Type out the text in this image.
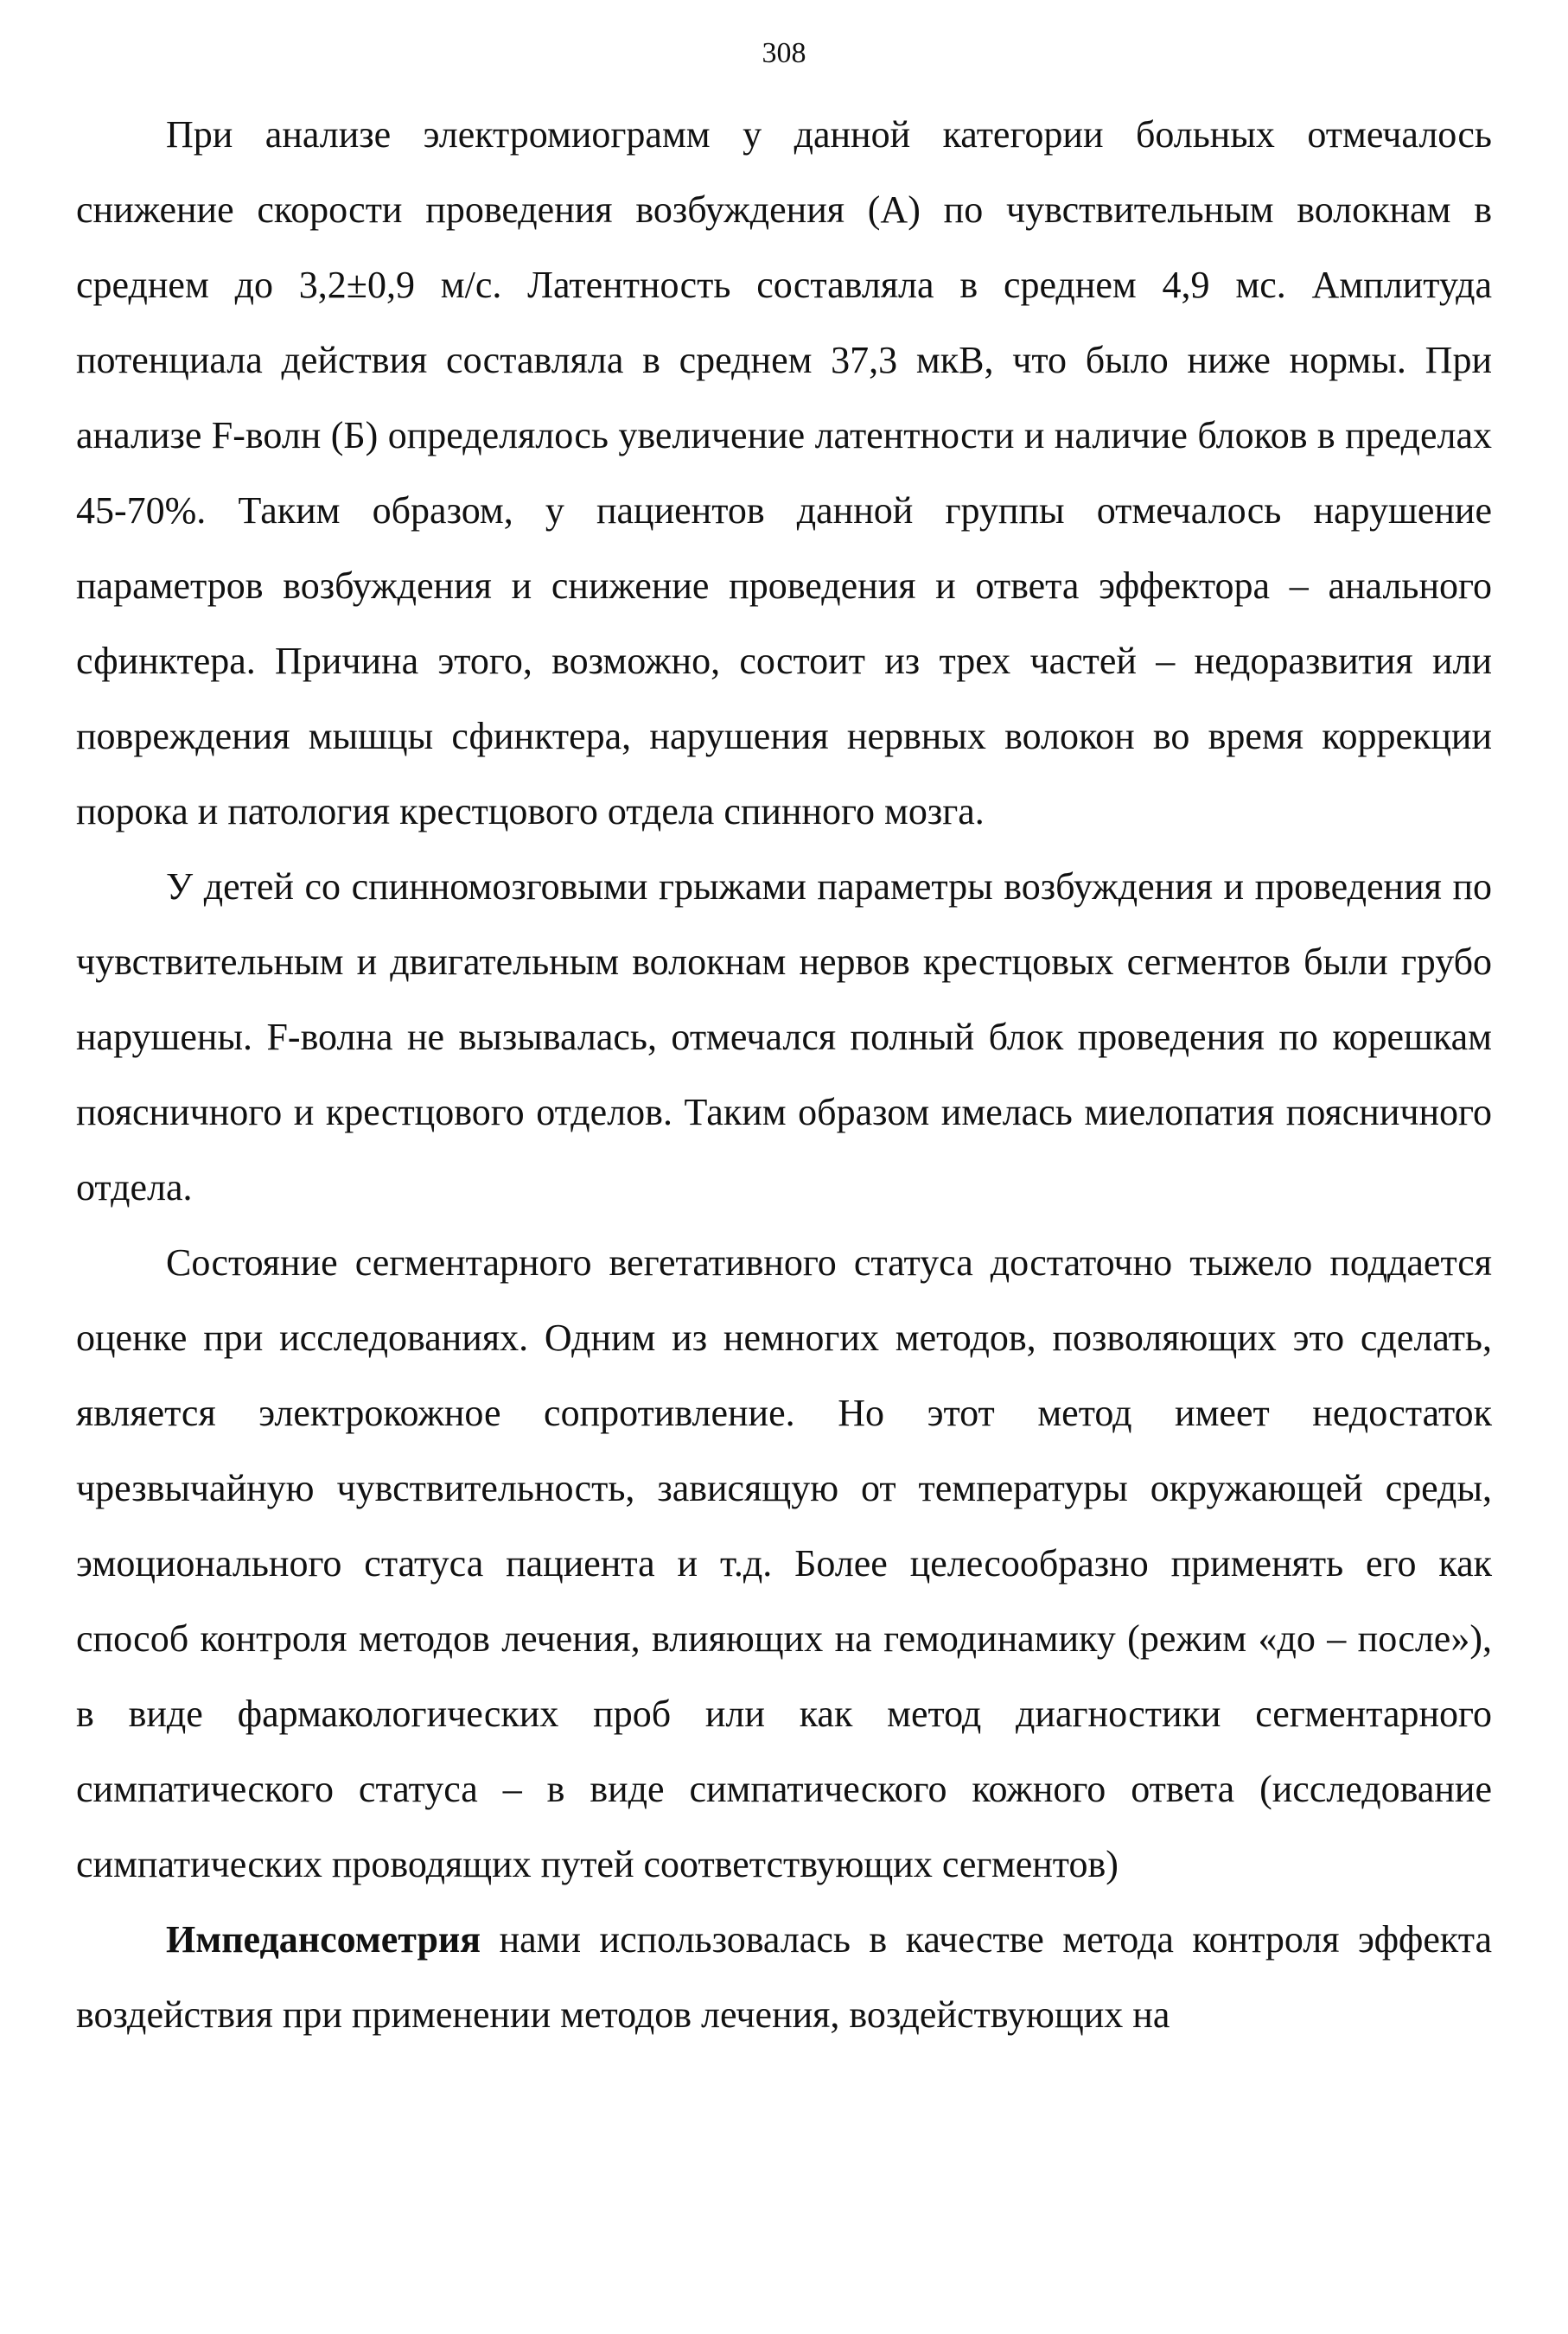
308

При анализе электромиограмм у данной категории больных отмечалось снижение скорости проведения возбуждения (А) по чувствительным волокнам в среднем до 3,2±0,9 м/с. Латентность составляла в среднем 4,9 мс. Амплитуда потенциала действия составляла в среднем 37,3 мкВ, что было ниже нормы. При анализе F-волн (Б) определялось увеличение латентности и наличие блоков в пределах 45-70%. Таким образом, у пациентов данной группы отмечалось нарушение параметров возбуждения и снижение проведения и ответа эффектора – анального сфинктера. Причина этого, возможно, состоит из трех частей – недоразвития или повреждения мышцы сфинктера, нарушения нервных волокон во время коррекции порока и патология крестцового отдела спинного мозга.

У детей со спинномозговыми грыжами параметры возбуждения и проведения по чувствительным и двигательным волокнам нервов крестцовых сегментов были грубо нарушены. F-волна не вызывалась, отмечался полный блок проведения по корешкам поясничного и крестцового отделов. Таким образом имелась миелопатия поясничного отдела.

Состояние сегментарного вегетативного статуса достаточно тыжело поддается оценке при исследованиях. Одним из немногих методов, позволяющих это сделать, является электрокожное сопротивление. Но этот метод имеет недостаток чрезвычайную чувствительность, зависящую от температуры окружающей среды, эмоционального статуса пациента и т.д. Более целесообразно применять его как способ контроля методов лечения, влияющих на гемодинамику (режим «до – после»), в виде фармакологических проб или как метод диагностики сегментарного симпатического статуса – в виде симпатического кожного ответа (исследование симпатических проводящих путей соответствующих сегментов)

Импедансометрия нами использовалась в качестве метода контроля эффекта воздействия при применении методов лечения, воздействующих на
